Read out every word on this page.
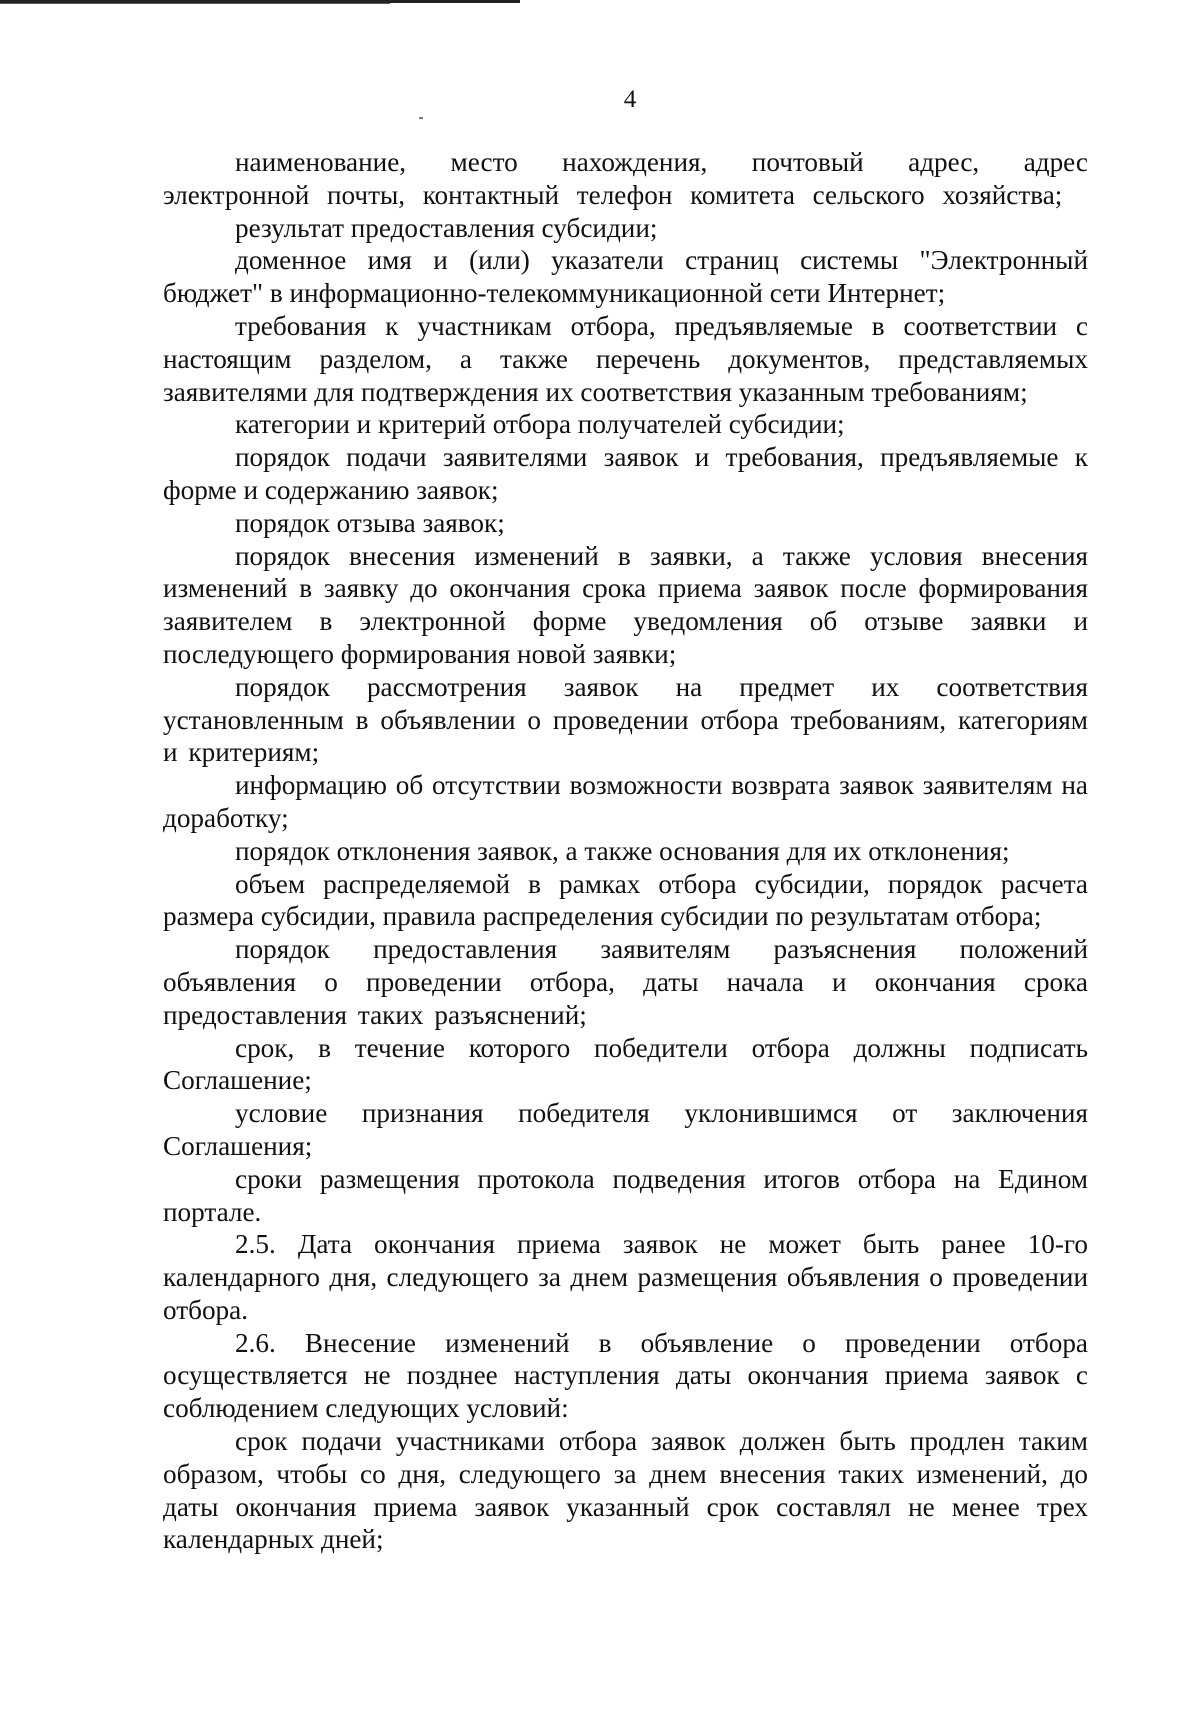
4

наименование, место нахождения, почтовый адрес, адрес электронной почты, контактный телефон комитета сельского хозяйства;

результат предоставления субсидии;

доменное имя и (или) указатели страниц системы "Электронный бюджет" в информационно-телекоммуникационной сети Интернет;

требования к участникам отбора, предъявляемые в соответствии с настоящим разделом, а также перечень документов, представляемых заявителями для подтверждения их соответствия указанным требованиям;

категории и критерий отбора получателей субсидии;

порядок подачи заявителями заявок и требования, предъявляемые к форме и содержанию заявок;

порядок отзыва заявок;

порядок внесения изменений в заявки, а также условия внесения изменений в заявку до окончания срока приема заявок после формирования заявителем в электронной форме уведомления об отзыве заявки и последующего формирования новой заявки;

порядок рассмотрения заявок на предмет их соответствия установленным в объявлении о проведении отбора требованиям, категориям и критериям;

информацию об отсутствии возможности возврата заявок заявителям на доработку;

порядок отклонения заявок, а также основания для их отклонения;

объем распределяемой в рамках отбора субсидии, порядок расчета размера субсидии, правила распределения субсидии по результатам отбора;

порядок предоставления заявителям разъяснения положений объявления о проведении отбора, даты начала и окончания срока предоставления таких разъяснений;

срок, в течение которого победители отбора должны подписать Соглашение;

условие признания победителя уклонившимся от заключения Соглашения;

сроки размещения протокола подведения итогов отбора на Едином портале.

2.5. Дата окончания приема заявок не может быть ранее 10-го календарного дня, следующего за днем размещения объявления о проведении отбора.

2.6. Внесение изменений в объявление о проведении отбора осуществляется не позднее наступления даты окончания приема заявок с соблюдением следующих условий:

срок подачи участниками отбора заявок должен быть продлен таким образом, чтобы со дня, следующего за днем внесения таких изменений, до даты окончания приема заявок указанный срок составлял не менее трех календарных дней;
